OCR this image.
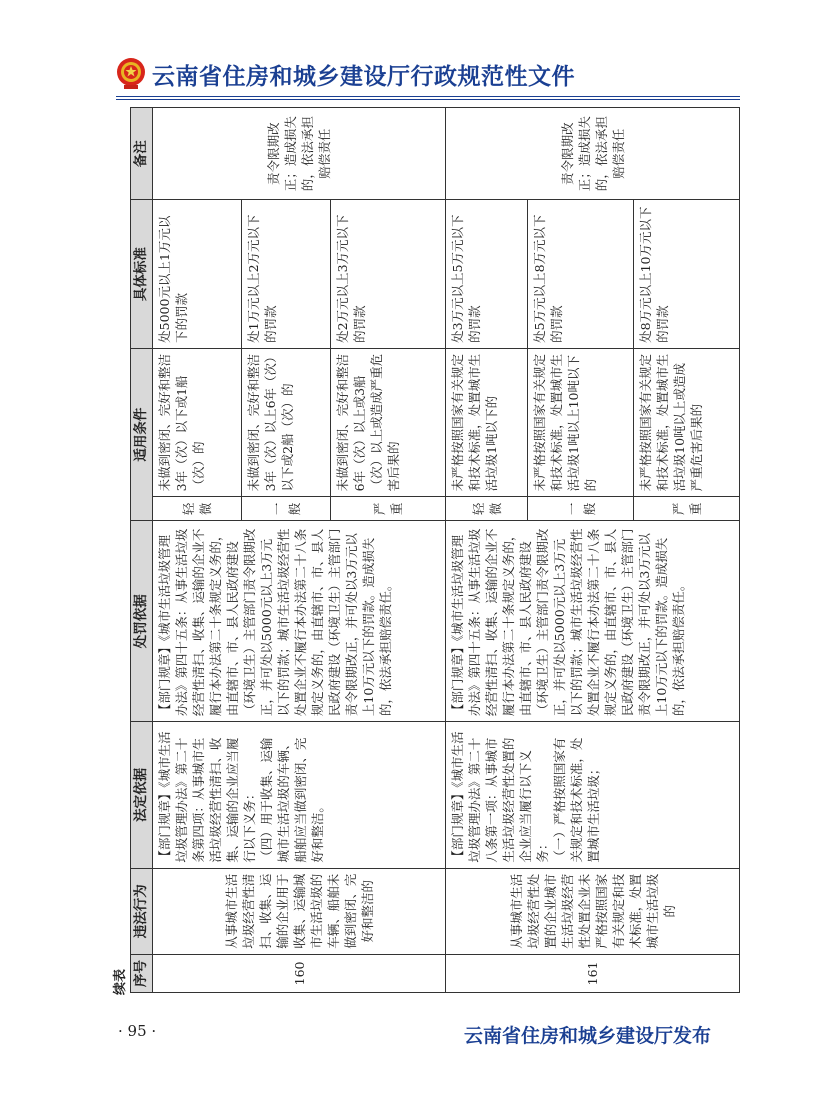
云南省住房和城乡建设厅行政规范性文件
续表 序号	违法行为	法定依据	处罚依据	适用条件		具体标准	备注
160	从事城市生活垃圾经营性清扫、收集、运输的企业用于收集、运输城市生活垃圾的车辆、船舶未做到密闭、完好和整洁的	【部门规章】《城市生活垃圾管理办法》第二十条第四项：从事城市生活垃圾经营性清扫、收集、运输的企业应当履行以下义务：
（四）用于收集、运输城市生活垃圾的车辆、船舶应当做到密闭、完好和整洁。	【部门规章】《城市生活垃圾管理办法》第四十五条：从事生活垃圾经营性清扫、收集、运输的企业不履行本办法第二十条规定义务的，由直辖市、市、县人民政府建设（环境卫生）主管部门责令限期改正，并可处以5000元以上3万元以下的罚款；城市生活垃圾经营性处置企业不履行本办法第二十八条规定义务的，由直辖市、市、县人民政府建设（环境卫生）主管部门责令限期改正，并可处以3万元以上10万元以下的罚款。造成损失的，依法承担赔偿责任。	轻微	未做到密闭、完好和整洁3年（次）以下或1船（次）的	处5000元以上1万元以下的罚款	责令限期改正；造成损失的，依法承担赔偿责任
				一般	未做到密闭、完好和整洁3年（次）以上6年（次）以下或2船（次）的	处1万元以上2万元以下的罚款	
				严重	未做到密闭、完好和整洁6年（次）以上或3船（次）以上或造成严重危害后果的	处2万元以上3万元以下的罚款	
161	从事城市生活垃圾经营性处置的企业城市生活垃圾经营性处置企业未严格按照国家有关规定和技术标准，处置城市生活垃圾的	【部门规章】《城市生活垃圾管理办法》第二十八条第一项：从事城市生活垃圾经营性处置的企业应当履行以下义务：
（一）严格按照国家有关规定和技术标准，处置城市生活垃圾；	【部门规章】《城市生活垃圾管理办法》第四十五条：从事生活垃圾经营性清扫、收集、运输的企业不履行本办法第二十条规定义务的，由直辖市、市、县人民政府建设（环境卫生）主管部门责令限期改正，并可处以5000元以上3万元以下的罚款；城市生活垃圾经营性处置企业不履行本办法第二十八条规定义务的，由直辖市、市、县人民政府建设（环境卫生）主管部门责令限期改正，并可处以3万元以上10万元以下的罚款。造成损失的，依法承担赔偿责任。	轻微	未严格按照国家有关规定和技术标准，处置城市生活垃圾1吨以下的	处3万元以上5万元以下的罚款	责令限期改正；造成损失的，依法承担赔偿责任
				一般	未严格按照国家有关规定和技术标准，处置城市生活垃圾1吨以上10吨以下的	处5万元以上8万元以下的罚款	
				严重	未严格按照国家有关规定和技术标准，处置城市生活垃圾10吨以上或造成严重危害后果的	处8万元以上10万元以下的罚款	
· 95 ·	云南省住房和城乡建设厅发布
